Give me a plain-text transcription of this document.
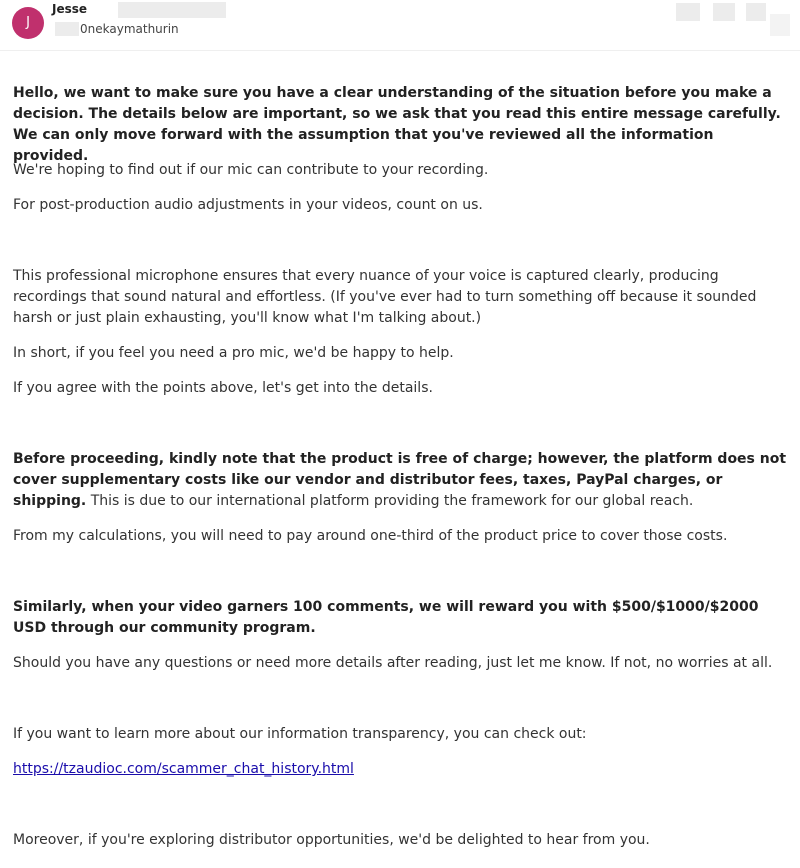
J
Jesse
0nekaymathurin

Hello, we want to make sure you have a clear understanding of the situation before you make a decision. The details below are important, so we ask that you read this entire message carefully. We can only move forward with the assumption that you've reviewed all the information provided.

We're hoping to find out if our mic can contribute to your recording.

For post-production audio adjustments in your videos, count on us.

This professional microphone ensures that every nuance of your voice is captured clearly, producing recordings that sound natural and effortless. (If you've ever had to turn something off because it sounded harsh or just plain exhausting, you'll know what I'm talking about.)

In short, if you feel you need a pro mic, we'd be happy to help.

If you agree with the points above, let's get into the details.

Before proceeding, kindly note that the product is free of charge; however, the platform does not cover supplementary costs like our vendor and distributor fees, taxes, PayPal charges, or shipping. This is due to our international platform providing the framework for our global reach.

From my calculations, you will need to pay around one-third of the product price to cover those costs.

Similarly, when your video garners 100 comments, we will reward you with $500/$1000/$2000 USD through our community program.

Should you have any questions or need more details after reading, just let me know. If not, no worries at all.

If you want to learn more about our information transparency, you can check out:

https://tzaudioc.com/scammer_chat_history.html

Moreover, if you're exploring distributor opportunities, we'd be delighted to hear from you.
